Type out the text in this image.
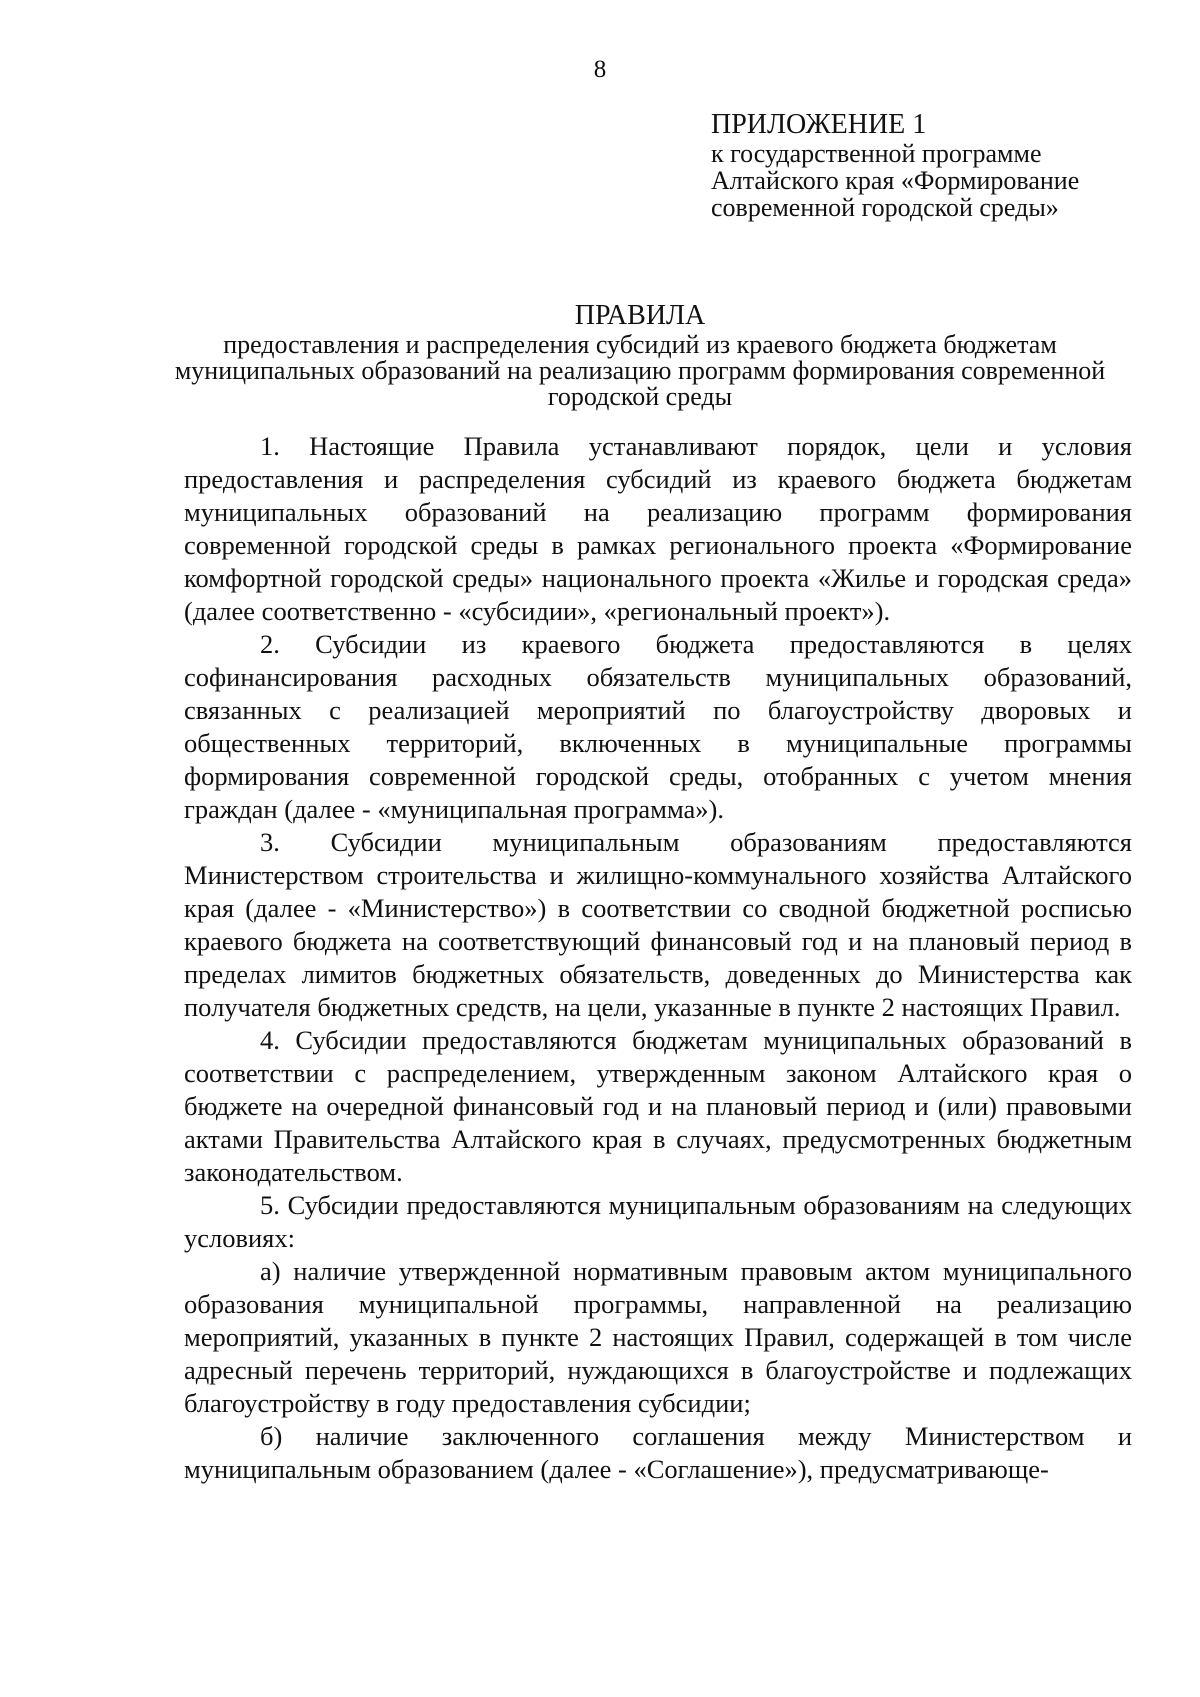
8
ПРИЛОЖЕНИЕ 1
к государственной программе
Алтайского края «Формирование
современной городской среды»
ПРАВИЛА
предоставления и распределения субсидий из краевого бюджета бюджетам муниципальных образований на реализацию программ формирования современной городской среды

1. Настоящие Правила устанавливают порядок, цели и условия предоставления и распределения субсидий из краевого бюджета бюджетам муниципальных образований на реализацию программ формирования современной городской среды в рамках регионального проекта «Формирование комфортной городской среды» национального проекта «Жилье и городская среда» (далее соответственно - «субсидии», «региональный проект»).

2. Субсидии из краевого бюджета предоставляются в целях софинансирования расходных обязательств муниципальных образований, связанных с реализацией мероприятий по благоустройству дворовых и общественных территорий, включенных в муниципальные программы формирования современной городской среды, отобранных с учетом мнения граждан (далее - «муниципальная программа»).

3. Субсидии муниципальным образованиям предоставляются Министерством строительства и жилищно-коммунального хозяйства Алтайского края (далее - «Министерство») в соответствии со сводной бюджетной росписью краевого бюджета на соответствующий финансовый год и на плановый период в пределах лимитов бюджетных обязательств, доведенных до Министерства как получателя бюджетных средств, на цели, указанные в пункте 2 настоящих Правил.

4. Субсидии предоставляются бюджетам муниципальных образований в соответствии с распределением, утвержденным законом Алтайского края о бюджете на очередной финансовый год и на плановый период и (или) правовыми актами Правительства Алтайского края в случаях, предусмотренных бюджетным законодательством.

5. Субсидии предоставляются муниципальным образованиям на следующих условиях:

а) наличие утвержденной нормативным правовым актом муниципального образования муниципальной программы, направленной на реализацию мероприятий, указанных в пункте 2 настоящих Правил, содержащей в том числе адресный перечень территорий, нуждающихся в благоустройстве и подлежащих благоустройству в году предоставления субсидии;

б) наличие заключенного соглашения между Министерством и муниципальным образованием (далее - «Соглашение»), предусматривающе-
